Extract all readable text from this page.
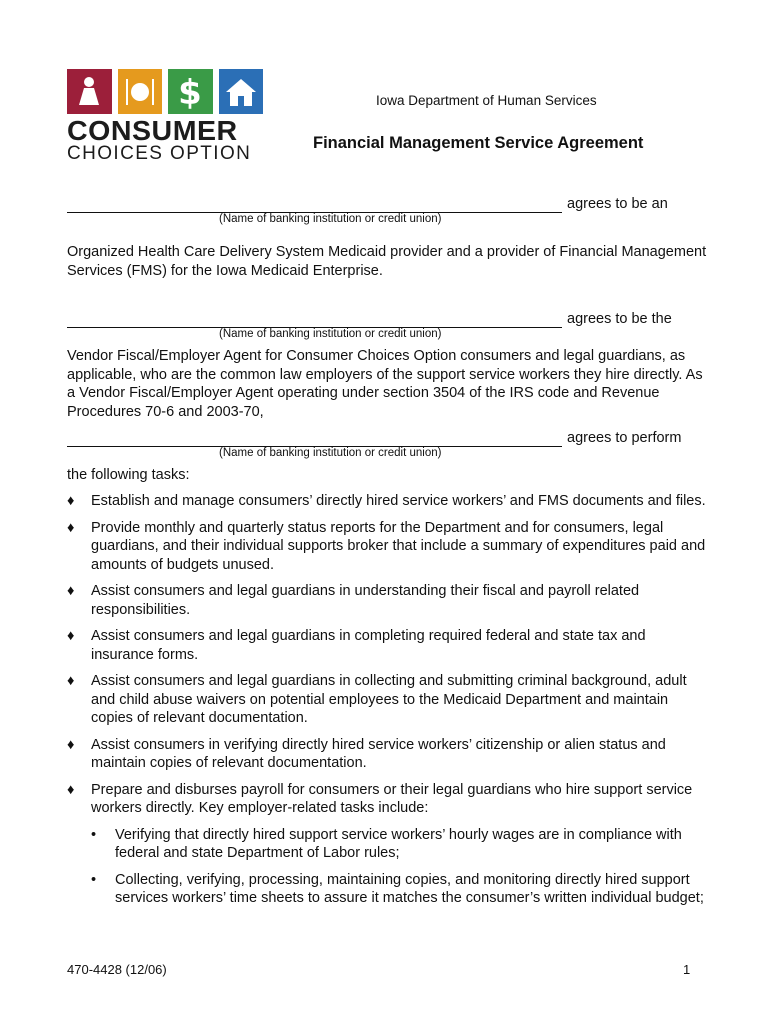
$
CONSUMER
CHOICES OPTION
Iowa Department of Human Services
Financial Management Service Agreement
agrees to be an
(Name of banking institution or credit union)
Organized Health Care Delivery System Medicaid provider and a provider of Financial Management Services (FMS) for the Iowa Medicaid Enterprise.
agrees to be the
(Name of banking institution or credit union)
Vendor Fiscal/Employer Agent for Consumer Choices Option consumers and legal guardians, as applicable, who are the common law employers of the support service workers they hire directly. As a Vendor Fiscal/Employer Agent operating under section 3504 of the IRS code and Revenue Procedures 70-6 and 2003-70,
agrees to perform
(Name of banking institution or credit union)
the following tasks:
♦ Establish and manage consumers’ directly hired service workers’ and FMS documents and files.
♦ Provide monthly and quarterly status reports for the Department and for consumers, legal guardians, and their individual supports broker that include a summary of expenditures paid and amounts of budgets unused.
♦ Assist consumers and legal guardians in understanding their fiscal and payroll related responsibilities.
♦ Assist consumers and legal guardians in completing required federal and state tax and insurance forms.
♦ Assist consumers and legal guardians in collecting and submitting criminal background, adult and child abuse waivers on potential employees to the Medicaid Department and maintain copies of relevant documentation.
♦ Assist consumers in verifying directly hired service workers’ citizenship or alien status and maintain copies of relevant documentation.
♦ Prepare and disburses payroll for consumers or their legal guardians who hire support service workers directly. Key employer-related tasks include:
• Verifying that directly hired support service workers’ hourly wages are in compliance with federal and state Department of Labor rules;
• Collecting, verifying, processing, maintaining copies, and monitoring directly hired support services workers’ time sheets to assure it matches the consumer’s written individual budget;
470-4428 (12/06)	1
